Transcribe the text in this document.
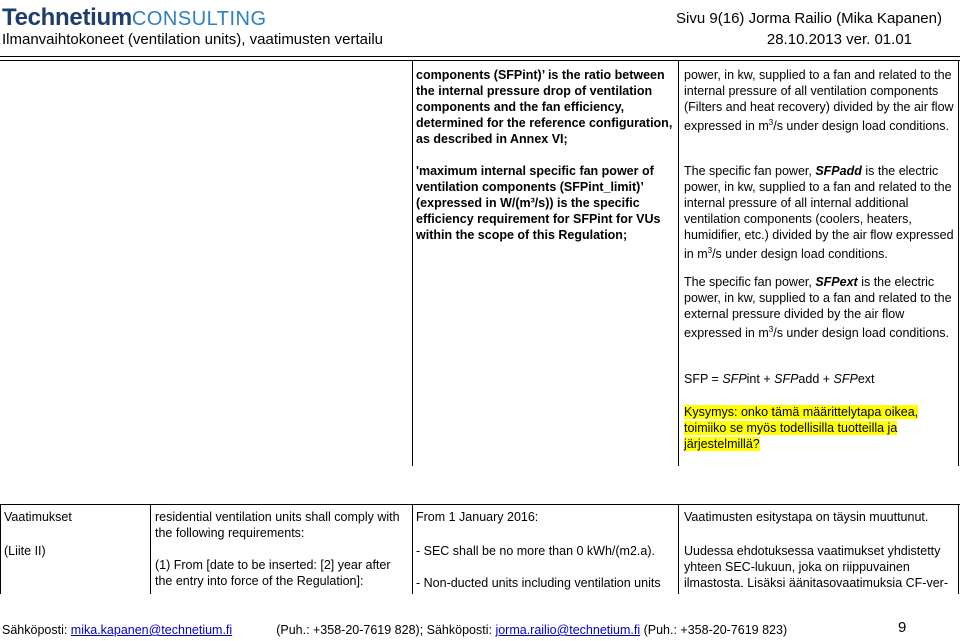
TechnetiumCONSULTING
Ilmanvaihtokoneet (ventilation units), vaatimusten vertailu
Sivu 9(16) Jorma Railio (Mika Kapanen)
28.10.2013 ver. 01.01
components (SFPint)’ is the ratio between the internal pressure drop of ventilation components and the fan efficiency, determined for the reference configuration, as described in Annex VI;
'maximum internal specific fan power of ventilation components (SFPint_limit)’ (expressed in W/(m³/s)) is the specific efficiency requirement for SFPint for VUs within the scope of this Regulation;
power, in kw, supplied to a fan and related to the internal pressure of all ventilation components (Filters and heat recovery) divided by the air flow expressed in $m^3/s$ under design load conditions.
The specific fan power, SFPadd is the electric power, in kw, supplied to a fan and related to the internal pressure of all internal additional ventilation components (coolers, heaters, humidifier, etc.) divided by the air flow expressed in $m^3/s$ under design load conditions.
The specific fan power, SFPext is the electric power, in kw, supplied to a fan and related to the external pressure divided by the air flow expressed in $m^3/s$ under design load conditions.
SFP = SFPint + SFPadd + SFPext
Kysymys: onko tämä määrittelytapa oikea, toimiiko se myös todellisilla tuotteilla ja järjestelmillä?
Vaatimukset
(Liite II)
residential ventilation units shall comply with the following requirements:
(1) From [date to be inserted: [2] year after the entry into force of the Regulation]:
From 1 January 2016:
- SEC shall be no more than 0 kWh/(m2.a).
- Non-ducted units including ventilation units
Vaatimusten esitystapa on täysin muuttunut.
Uudessa ehdotuksessa vaatimukset yhdistetty yhteen SEC-lukuun, joka on riippuvainen ilmastosta. Lisäksi äänitasovaatimuksia CF-ver-
Sähköposti: mika.kapanen@technetium.fi	(Puh.: +358-20-7619 828); Sähköposti: jorma.railio@technetium.fi (Puh.: +358-20-7619 823)	9
